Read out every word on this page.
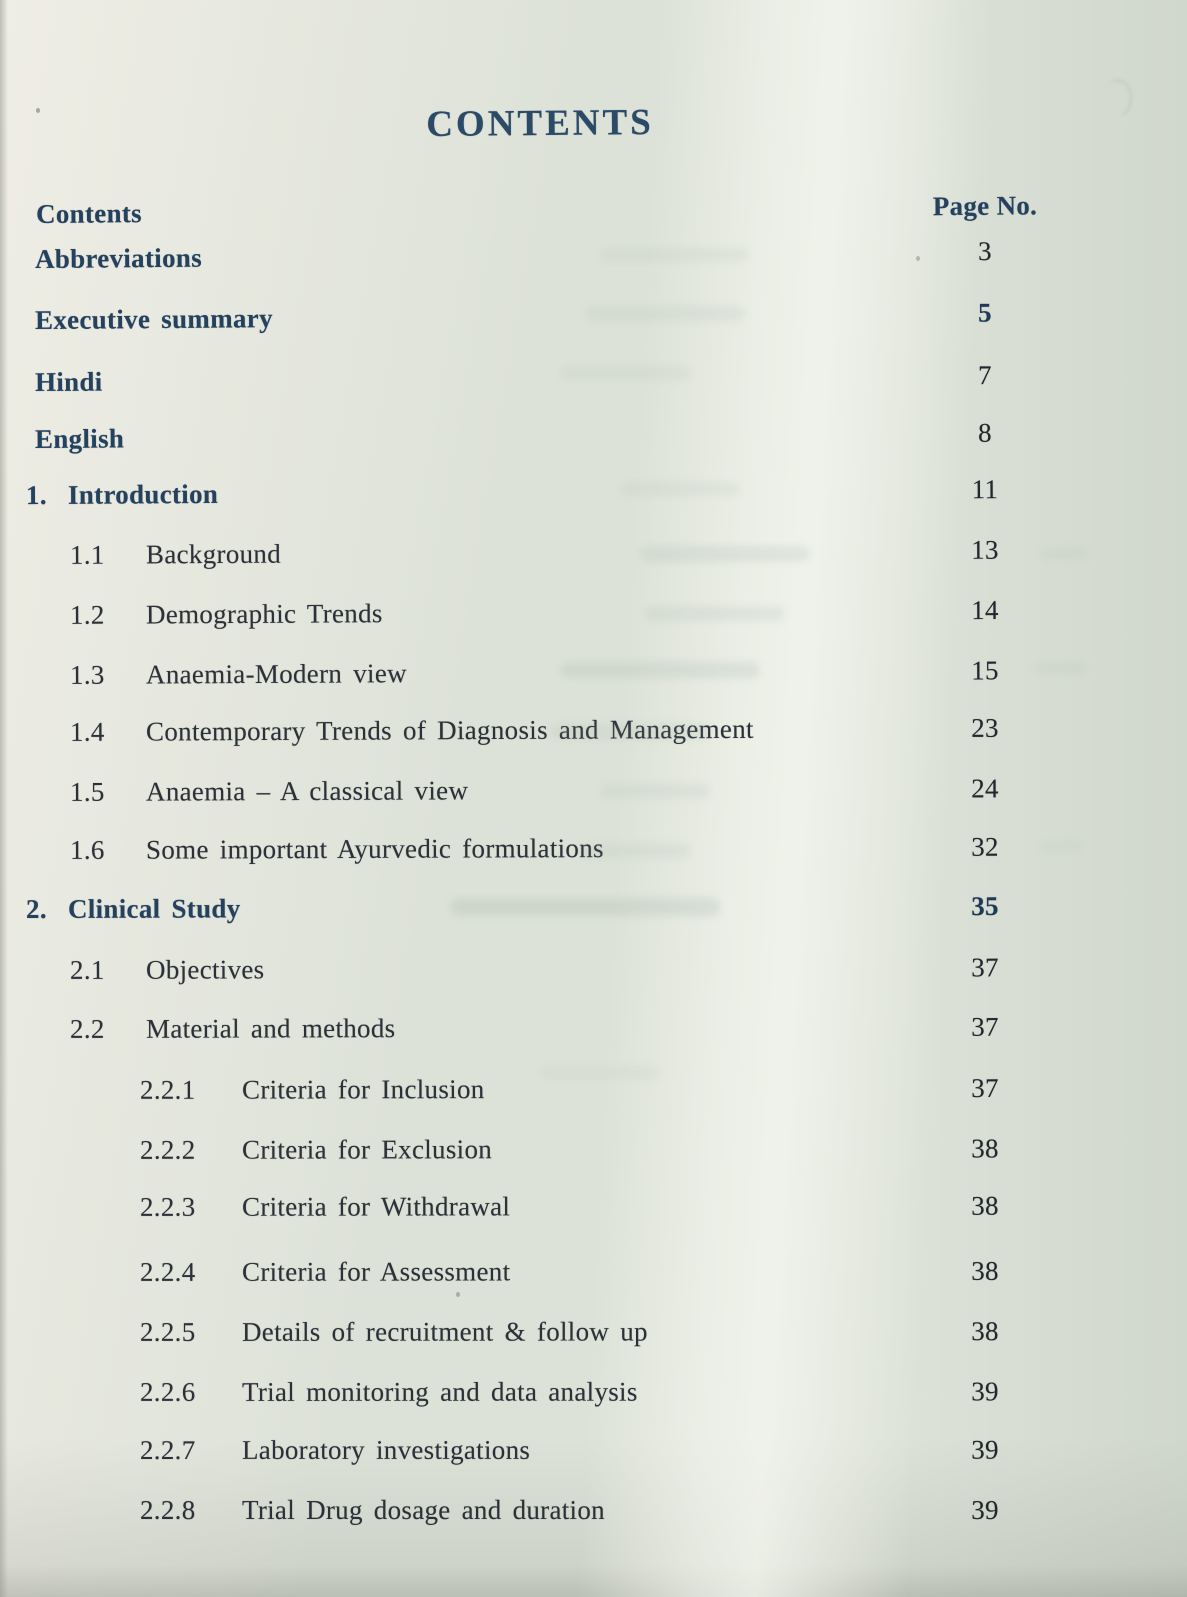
CONTENTS
Contents	Page No.
Abbreviations	3
Executive summary	5
Hindi	7
English	8
1. Introduction	11
1.1 Background	13
1.2 Demographic Trends	14
1.3 Anaemia-Modern view	15
1.4 Contemporary Trends of Diagnosis and Management	23
1.5 Anaemia – A classical view	24
1.6 Some important Ayurvedic formulations	32
2. Clinical Study	35
2.1 Objectives	37
2.2 Material and methods	37
2.2.1 Criteria for Inclusion	37
2.2.2 Criteria for Exclusion	38
2.2.3 Criteria for Withdrawal	38
2.2.4 Criteria for Assessment	38
2.2.5 Details of recruitment & follow up	38
2.2.6 Trial monitoring and data analysis	39
2.2.7 Laboratory investigations	39
2.2.8 Trial Drug dosage and duration	39
